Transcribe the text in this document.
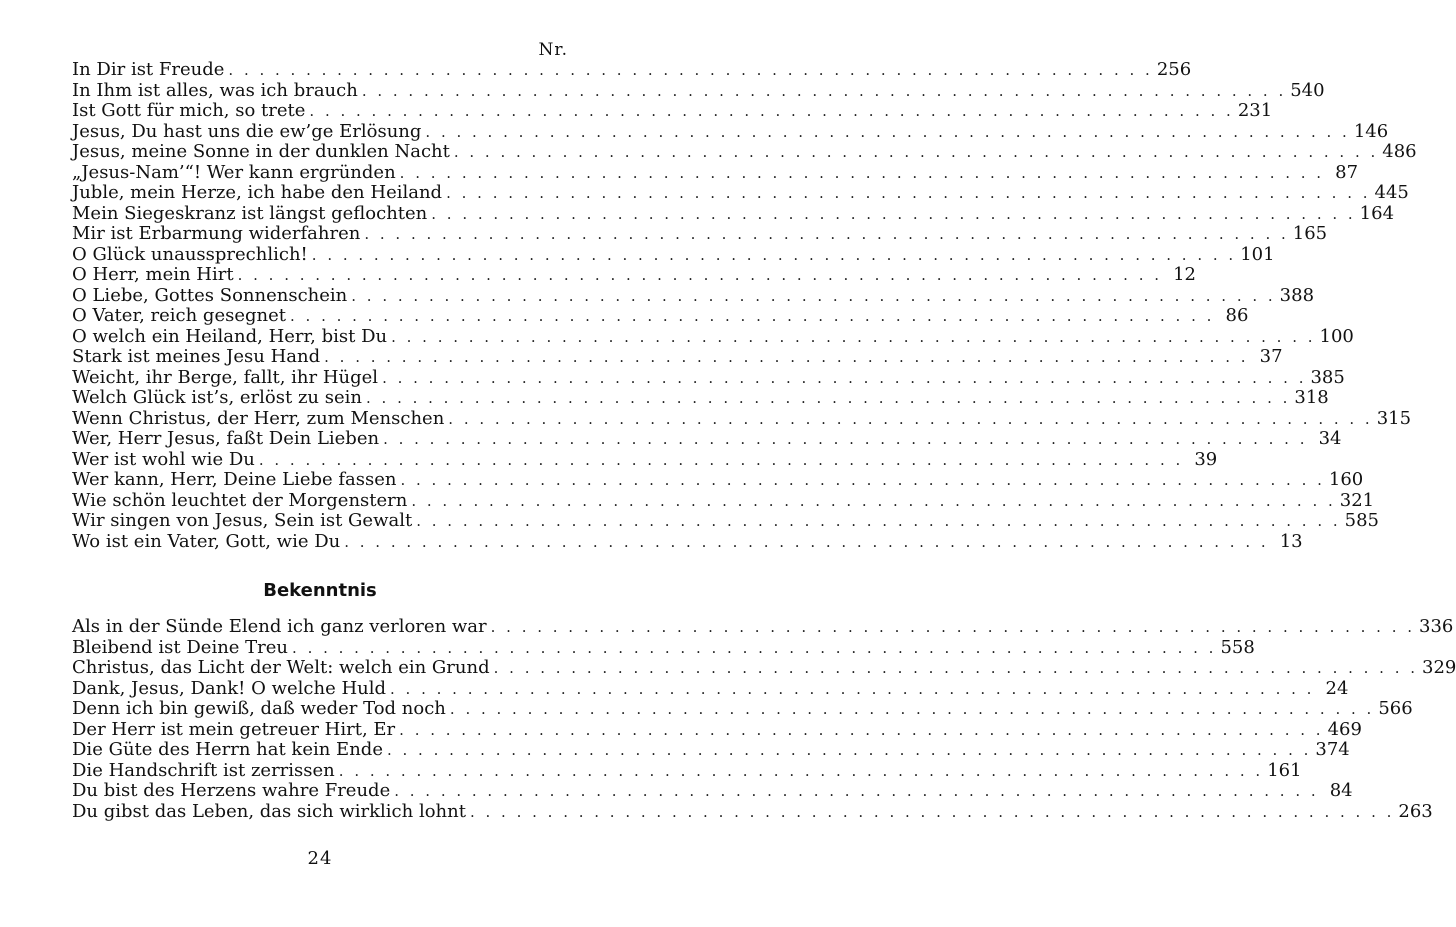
Nr.
In Dir ist Freude . . . . . . . . . . . . . . . . . . . . . . . . . . . . . . . . . . . . . . . . . . . . . . . . . . . . . . . . . . . . 256
In Ihm ist alles, was ich brauch . . . . . . . . . . . . . . . . . . . . . . . . . . . . . . . . . . . . . . . . . . . . . . . . . . . . . . . . . . . . 540
Ist Gott für mich, so trete . . . . . . . . . . . . . . . . . . . . . . . . . . . . . . . . . . . . . . . . . . . . . . . . . . . . . . . . . . . . 231
Jesus, Du hast uns die ew’ge Erlösung . . . . . . . . . . . . . . . . . . . . . . . . . . . . . . . . . . . . . . . . . . . . . . . . . . . . . . . . . . . . 146
Jesus, meine Sonne in der dunklen Nacht . . . . . . . . . . . . . . . . . . . . . . . . . . . . . . . . . . . . . . . . . . . . . . . . . . . . . . . . . . . . 486
„Jesus-Nam’“! Wer kann ergründen . . . . . . . . . . . . . . . . . . . . . . . . . . . . . . . . . . . . . . . . . . . . . . . . . . . . . . . . . . . . 87
Juble, mein Herze, ich habe den Heiland . . . . . . . . . . . . . . . . . . . . . . . . . . . . . . . . . . . . . . . . . . . . . . . . . . . . . . . . . . . . 445
Mein Siegeskranz ist längst geflochten . . . . . . . . . . . . . . . . . . . . . . . . . . . . . . . . . . . . . . . . . . . . . . . . . . . . . . . . . . . . 164
Mir ist Erbarmung widerfahren . . . . . . . . . . . . . . . . . . . . . . . . . . . . . . . . . . . . . . . . . . . . . . . . . . . . . . . . . . . . 165
O Glück unaussprechlich! . . . . . . . . . . . . . . . . . . . . . . . . . . . . . . . . . . . . . . . . . . . . . . . . . . . . . . . . . . . . 101
O Herr, mein Hirt . . . . . . . . . . . . . . . . . . . . . . . . . . . . . . . . . . . . . . . . . . . . . . . . . . . . . . . . . . . . 12
O Liebe, Gottes Sonnenschein . . . . . . . . . . . . . . . . . . . . . . . . . . . . . . . . . . . . . . . . . . . . . . . . . . . . . . . . . . . . 388
O Vater, reich gesegnet . . . . . . . . . . . . . . . . . . . . . . . . . . . . . . . . . . . . . . . . . . . . . . . . . . . . . . . . . . . . 86
O welch ein Heiland, Herr, bist Du . . . . . . . . . . . . . . . . . . . . . . . . . . . . . . . . . . . . . . . . . . . . . . . . . . . . . . . . . . . . 100
Stark ist meines Jesu Hand . . . . . . . . . . . . . . . . . . . . . . . . . . . . . . . . . . . . . . . . . . . . . . . . . . . . . . . . . . . . 37
Weicht, ihr Berge, fallt, ihr Hügel . . . . . . . . . . . . . . . . . . . . . . . . . . . . . . . . . . . . . . . . . . . . . . . . . . . . . . . . . . . . 385
Welch Glück ist’s, erlöst zu sein . . . . . . . . . . . . . . . . . . . . . . . . . . . . . . . . . . . . . . . . . . . . . . . . . . . . . . . . . . . . 318
Wenn Christus, der Herr, zum Menschen . . . . . . . . . . . . . . . . . . . . . . . . . . . . . . . . . . . . . . . . . . . . . . . . . . . . . . . . . . . . 315
Wer, Herr Jesus, faßt Dein Lieben . . . . . . . . . . . . . . . . . . . . . . . . . . . . . . . . . . . . . . . . . . . . . . . . . . . . . . . . . . . . 34
Wer ist wohl wie Du . . . . . . . . . . . . . . . . . . . . . . . . . . . . . . . . . . . . . . . . . . . . . . . . . . . . . . . . . . . . 39
Wer kann, Herr, Deine Liebe fassen . . . . . . . . . . . . . . . . . . . . . . . . . . . . . . . . . . . . . . . . . . . . . . . . . . . . . . . . . . . . 160
Wie schön leuchtet der Morgenstern . . . . . . . . . . . . . . . . . . . . . . . . . . . . . . . . . . . . . . . . . . . . . . . . . . . . . . . . . . . . 321
Wir singen von Jesus, Sein ist Gewalt . . . . . . . . . . . . . . . . . . . . . . . . . . . . . . . . . . . . . . . . . . . . . . . . . . . . . . . . . . . . 585
Wo ist ein Vater, Gott, wie Du . . . . . . . . . . . . . . . . . . . . . . . . . . . . . . . . . . . . . . . . . . . . . . . . . . . . . . . . . . . . 13
Bekenntnis
Als in der Sünde Elend ich ganz verloren war . . . . . . . . . . . . . . . . . . . . . . . . . . . . . . . . . . . . . . . . . . . . . . . . . . . . . . . . . . . . 336
Bleibend ist Deine Treu . . . . . . . . . . . . . . . . . . . . . . . . . . . . . . . . . . . . . . . . . . . . . . . . . . . . . . . . . . . . 558
Christus, das Licht der Welt: welch ein Grund . . . . . . . . . . . . . . . . . . . . . . . . . . . . . . . . . . . . . . . . . . . . . . . . . . . . . . . . . . . . 329
Dank, Jesus, Dank! O welche Huld . . . . . . . . . . . . . . . . . . . . . . . . . . . . . . . . . . . . . . . . . . . . . . . . . . . . . . . . . . . . 24
Denn ich bin gewiß, daß weder Tod noch . . . . . . . . . . . . . . . . . . . . . . . . . . . . . . . . . . . . . . . . . . . . . . . . . . . . . . . . . . . . 566
Der Herr ist mein getreuer Hirt, Er . . . . . . . . . . . . . . . . . . . . . . . . . . . . . . . . . . . . . . . . . . . . . . . . . . . . . . . . . . . . 469
Die Güte des Herrn hat kein Ende . . . . . . . . . . . . . . . . . . . . . . . . . . . . . . . . . . . . . . . . . . . . . . . . . . . . . . . . . . . . 374
Die Handschrift ist zerrissen . . . . . . . . . . . . . . . . . . . . . . . . . . . . . . . . . . . . . . . . . . . . . . . . . . . . . . . . . . . . 161
Du bist des Herzens wahre Freude . . . . . . . . . . . . . . . . . . . . . . . . . . . . . . . . . . . . . . . . . . . . . . . . . . . . . . . . . . . . 84
Du gibst das Leben, das sich wirklich lohnt . . . . . . . . . . . . . . . . . . . . . . . . . . . . . . . . . . . . . . . . . . . . . . . . . . . . . . . . . . . . 263
24
